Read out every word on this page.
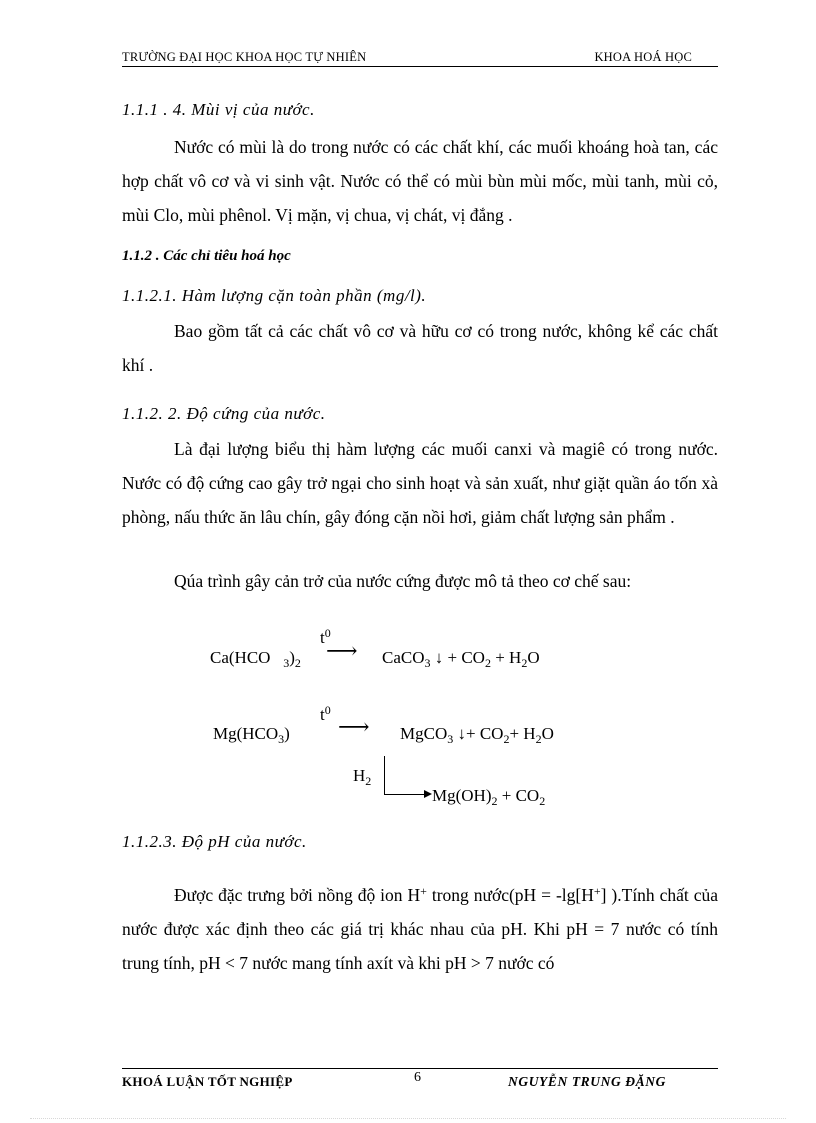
TRƯỜNG ĐẠI HỌC KHOA HỌC TỰ NHIÊN	KHOA HOÁ HỌC
1.1.1 . 4. Mùi vị của nước.
Nước có mùi là do trong nước có các chất khí, các muối khoáng hoà tan, các hợp chất vô cơ và vi sinh vật. Nước có thể có mùi bùn mùi mốc, mùi tanh, mùi cỏ, mùi Clo, mùi phênol. Vị mặn, vị chua, vị chát, vị đắng .
1.1.2 . Các chỉ tiêu hoá học
1.1.2.1. Hàm lượng cặn toàn phần (mg/l).
Bao gồm tất cả các chất vô cơ và hữu cơ có trong nước, không kể các chất khí .
1.1.2. 2. Độ cứng của nước.
Là đại lượng biểu thị hàm lượng các muối canxi và magiê có trong nước. Nước có độ cứng cao gây trở ngại cho sinh hoạt và sản xuất, như giặt quần áo tốn xà phòng, nấu thức ăn lâu chín, gây đóng cặn nồi hơi, giảm chất lượng sản phẩm .
Qúa trình gây cản trở của nước cứng được mô tả theo cơ chế sau:
$t^0$
Ca(HCO $_3)_2$ ⟶ CaCO$_3$ ↓ + $CO_2 + H_2O$
$t^0$
$Mg(HCO_3)$ ⟶ MgCO$_3$ ↓+ $CO_2+ H_2O$
$H_2$
$Mg(OH)_2 + CO_2$
1.1.2.3. Độ pH của nước.
Được đặc trưng bởi nồng độ ion H+ trong nước(pH = -lg[H+] ).Tính chất của nước được xác định theo các giá trị khác nhau của pH. Khi pH = 7 nước có tính trung tính, pH < 7 nước mang tính axít và khi pH > 7 nước có
KHOÁ LUẬN TỐT NGHIỆP	6	NGUYỄN TRUNG ĐẶNG
